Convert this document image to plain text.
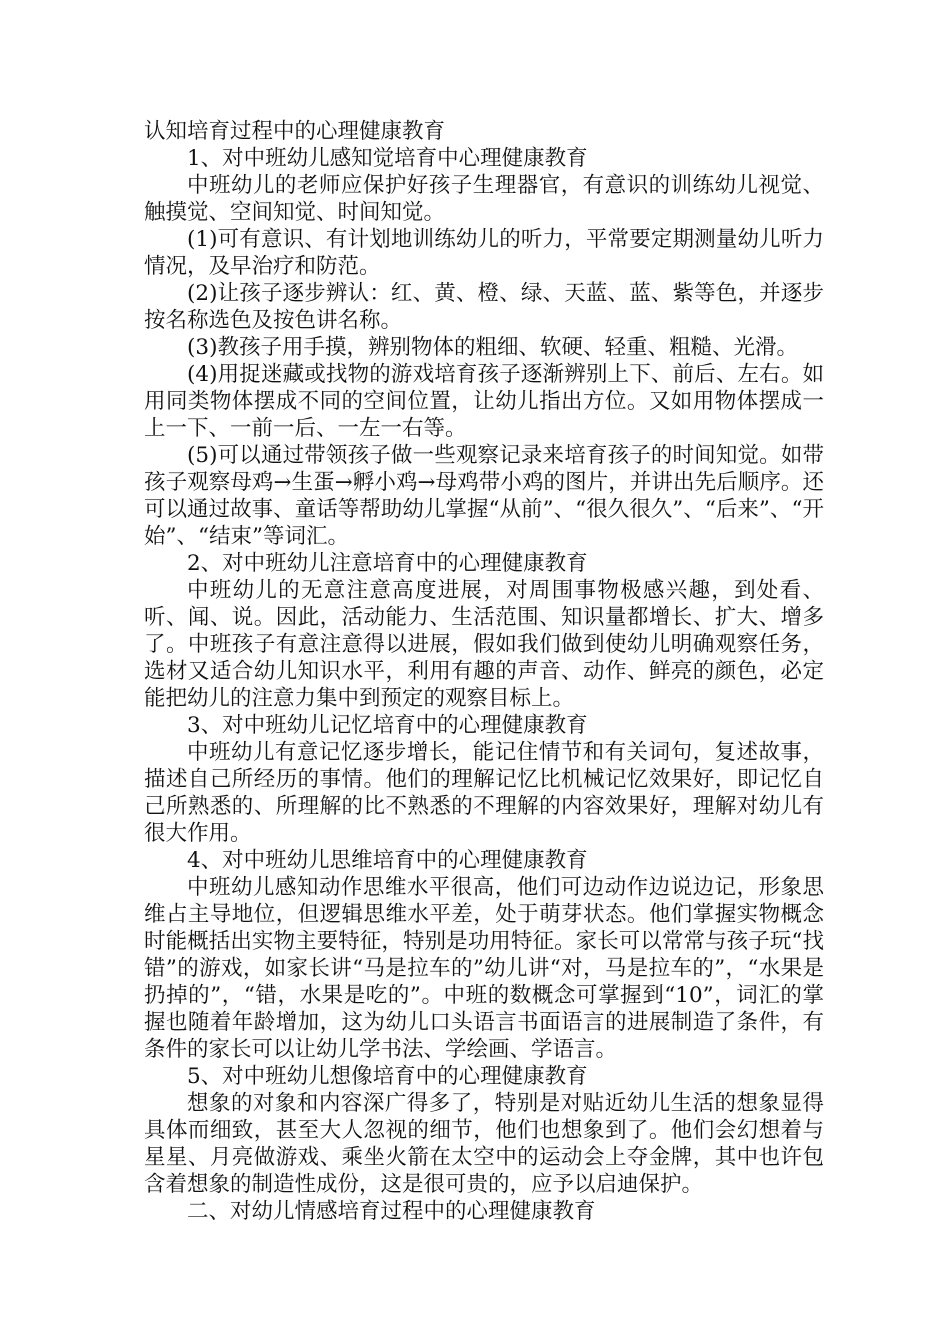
认知培育过程中的心理健康教育

1、对中班幼儿感知觉培育中心理健康教育

中班幼儿的老师应保护好孩子生理器官，有意识的训练幼儿视觉、触摸觉、空间知觉、时间知觉。

(1)可有意识、有计划地训练幼儿的听力，平常要定期测量幼儿听力情况，及早治疗和防范。

(2)让孩子逐步辨认：红、黄、橙、绿、天蓝、蓝、紫等色，并逐步按名称选色及按色讲名称。

(3)教孩子用手摸，辨别物体的粗细、软硬、轻重、粗糙、光滑。

(4)用捉迷藏或找物的游戏培育孩子逐渐辨别上下、前后、左右。如用同类物体摆成不同的空间位置，让幼儿指出方位。又如用物体摆成一上一下、一前一后、一左一右等。

(5)可以通过带领孩子做一些观察记录来培育孩子的时间知觉。如带孩子观察母鸡→生蛋→孵小鸡→母鸡带小鸡的图片，并讲出先后顺序。还可以通过故事、童话等帮助幼儿掌握“从前”、“很久很久”、“后来”、“开始”、“结束”等词汇。

2、对中班幼儿注意培育中的心理健康教育

中班幼儿的无意注意高度进展，对周围事物极感兴趣，到处看、听、闻、说。因此，活动能力、生活范围、知识量都增长、扩大、增多了。中班孩子有意注意得以进展，假如我们做到使幼儿明确观察任务，选材又适合幼儿知识水平，利用有趣的声音、动作、鲜亮的颜色，必定能把幼儿的注意力集中到预定的观察目标上。

3、对中班幼儿记忆培育中的心理健康教育

中班幼儿有意记忆逐步增长，能记住情节和有关词句，复述故事，描述自己所经历的事情。他们的理解记忆比机械记忆效果好，即记忆自己所熟悉的、所理解的比不熟悉的不理解的内容效果好，理解对幼儿有很大作用。

4、对中班幼儿思维培育中的心理健康教育

中班幼儿感知动作思维水平很高，他们可边动作边说边记，形象思维占主导地位，但逻辑思维水平差，处于萌芽状态。他们掌握实物概念时能概括出实物主要特征，特别是功用特征。家长可以常常与孩子玩“找错”的游戏，如家长讲“马是拉车的”幼儿讲“对，马是拉车的”，“水果是扔掉的”，“错，水果是吃的”。中班的数概念可掌握到“10”，词汇的掌握也随着年龄增加，这为幼儿口头语言书面语言的进展制造了条件，有条件的家长可以让幼儿学书法、学绘画、学语言。

5、对中班幼儿想像培育中的心理健康教育

想象的对象和内容深广得多了，特别是对贴近幼儿生活的想象显得具体而细致，甚至大人忽视的细节，他们也想象到了。他们会幻想着与星星、月亮做游戏、乘坐火箭在太空中的运动会上夺金牌，其中也许包含着想象的制造性成份，这是很可贵的，应予以启迪保护。

二、对幼儿情感培育过程中的心理健康教育
